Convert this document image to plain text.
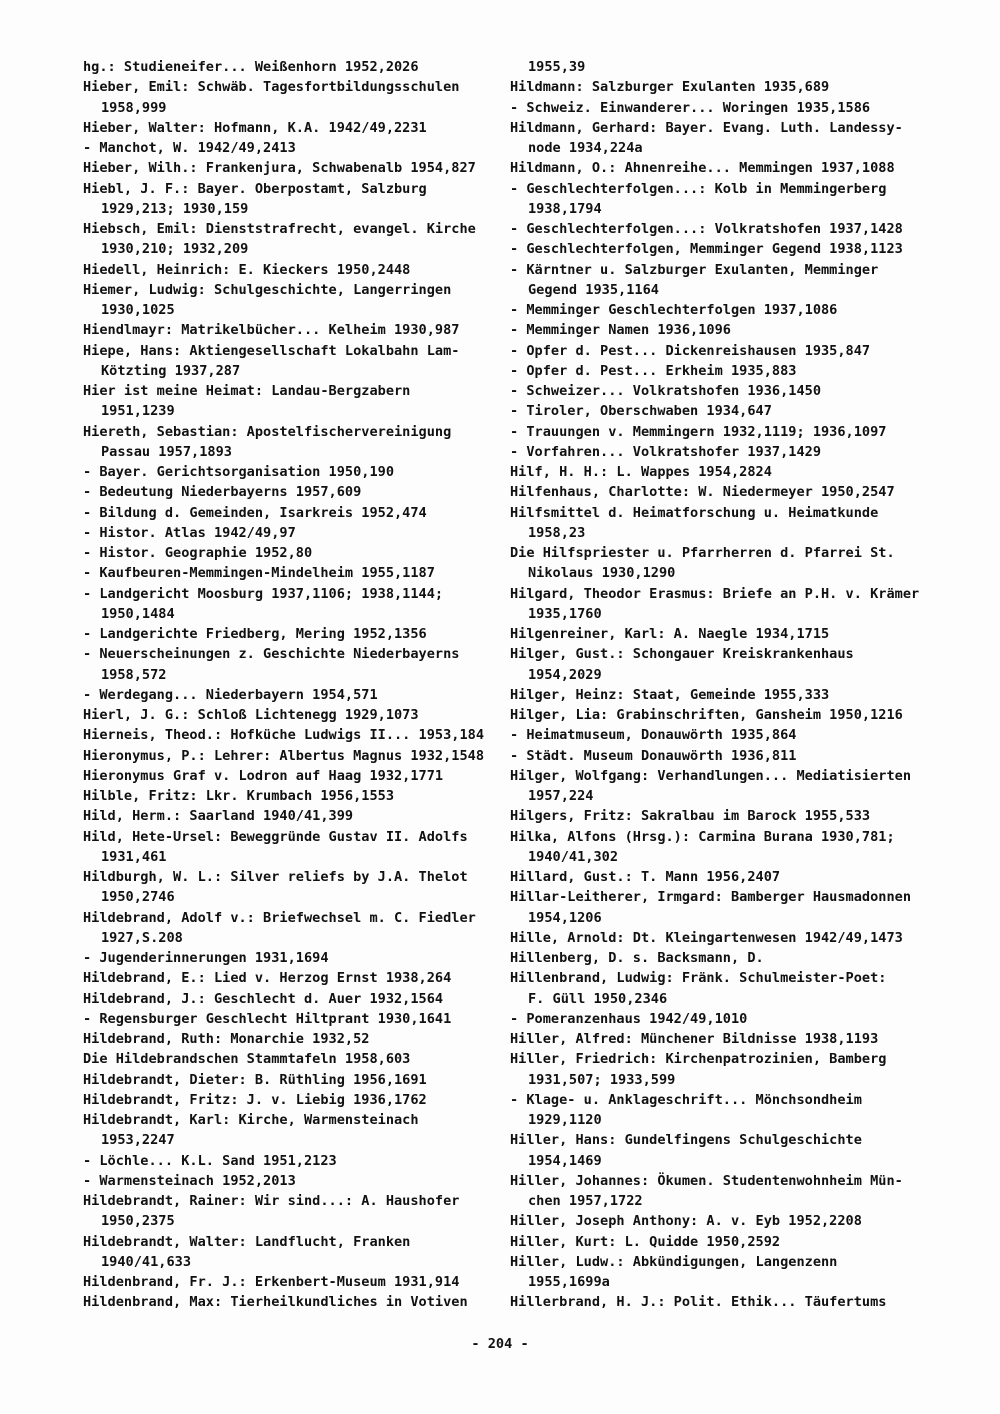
hg.: Studieneifer... Weißenhorn 1952,2026
Hieber, Emil: Schwäb. Tagesfortbildungsschulen
1958,999
Hieber, Walter: Hofmann, K.A. 1942/49,2231
- Manchot, W. 1942/49,2413
Hieber, Wilh.: Frankenjura, Schwabenalb 1954,827
Hiebl, J. F.: Bayer. Oberpostamt, Salzburg
1929,213; 1930,159
Hiebsch, Emil: Dienststrafrecht, evangel. Kirche
1930,210; 1932,209
Hiedell, Heinrich: E. Kieckers 1950,2448
Hiemer, Ludwig: Schulgeschichte, Langerringen
1930,1025
Hiendlmayr: Matrikelbücher... Kelheim 1930,987
Hiepe, Hans: Aktiengesellschaft Lokalbahn Lam-
Kötzting 1937,287
Hier ist meine Heimat: Landau-Bergzabern
1951,1239
Hiereth, Sebastian: Apostelfischervereinigung
Passau 1957,1893
- Bayer. Gerichtsorganisation 1950,190
- Bedeutung Niederbayerns 1957,609
- Bildung d. Gemeinden, Isarkreis 1952,474
- Histor. Atlas 1942/49,97
- Histor. Geographie 1952,80
- Kaufbeuren-Memmingen-Mindelheim 1955,1187
- Landgericht Moosburg 1937,1106; 1938,1144;
1950,1484
- Landgerichte Friedberg, Mering 1952,1356
- Neuerscheinungen z. Geschichte Niederbayerns
1958,572
- Werdegang... Niederbayern 1954,571
Hierl, J. G.: Schloß Lichtenegg 1929,1073
Hierneis, Theod.: Hofküche Ludwigs II... 1953,184
Hieronymus, P.: Lehrer: Albertus Magnus 1932,1548
Hieronymus Graf v. Lodron auf Haag 1932,1771
Hilble, Fritz: Lkr. Krumbach 1956,1553
Hild, Herm.: Saarland 1940/41,399
Hild, Hete-Ursel: Beweggründe Gustav II. Adolfs
1931,461
Hildburgh, W. L.: Silver reliefs by J.A. Thelot
1950,2746
Hildebrand, Adolf v.: Briefwechsel m. C. Fiedler
1927,S.208
- Jugenderinnerungen 1931,1694
Hildebrand, E.: Lied v. Herzog Ernst 1938,264
Hildebrand, J.: Geschlecht d. Auer 1932,1564
- Regensburger Geschlecht Hiltprant 1930,1641
Hildebrand, Ruth: Monarchie 1932,52
Die Hildebrandschen Stammtafeln 1958,603
Hildebrandt, Dieter: B. Rüthling 1956,1691
Hildebrandt, Fritz: J. v. Liebig 1936,1762
Hildebrandt, Karl: Kirche, Warmensteinach
1953,2247
- Löchle... K.L. Sand 1951,2123
- Warmensteinach 1952,2013
Hildebrandt, Rainer: Wir sind...: A. Haushofer
1950,2375
Hildebrandt, Walter: Landflucht, Franken
1940/41,633
Hildenbrand, Fr. J.: Erkenbert-Museum 1931,914
Hildenbrand, Max: Tierheilkundliches in Votiven
1955,39
Hildmann: Salzburger Exulanten 1935,689
- Schweiz. Einwanderer... Woringen 1935,1586
Hildmann, Gerhard: Bayer. Evang. Luth. Landessy-
node 1934,224a
Hildmann, O.: Ahnenreihe... Memmingen 1937,1088
- Geschlechterfolgen...: Kolb in Memmingerberg
1938,1794
- Geschlechterfolgen...: Volkratshofen 1937,1428
- Geschlechterfolgen, Memminger Gegend 1938,1123
- Kärntner u. Salzburger Exulanten, Memminger
Gegend 1935,1164
- Memminger Geschlechterfolgen 1937,1086
- Memminger Namen 1936,1096
- Opfer d. Pest... Dickenreishausen 1935,847
- Opfer d. Pest... Erkheim 1935,883
- Schweizer... Volkratshofen 1936,1450
- Tiroler, Oberschwaben 1934,647
- Trauungen v. Memmingern 1932,1119; 1936,1097
- Vorfahren... Volkratshofer 1937,1429
Hilf, H. H.: L. Wappes 1954,2824
Hilfenhaus, Charlotte: W. Niedermeyer 1950,2547
Hilfsmittel d. Heimatforschung u. Heimatkunde
1958,23
Die Hilfspriester u. Pfarrherren d. Pfarrei St.
Nikolaus 1930,1290
Hilgard, Theodor Erasmus: Briefe an P.H. v. Krämer
1935,1760
Hilgenreiner, Karl: A. Naegle 1934,1715
Hilger, Gust.: Schongauer Kreiskrankenhaus
1954,2029
Hilger, Heinz: Staat, Gemeinde 1955,333
Hilger, Lia: Grabinschriften, Gansheim 1950,1216
- Heimatmuseum, Donauwörth 1935,864
- Städt. Museum Donauwörth 1936,811
Hilger, Wolfgang: Verhandlungen... Mediatisierten
1957,224
Hilgers, Fritz: Sakralbau im Barock 1955,533
Hilka, Alfons (Hrsg.): Carmina Burana 1930,781;
1940/41,302
Hillard, Gust.: T. Mann 1956,2407
Hillar-Leitherer, Irmgard: Bamberger Hausmadonnen
1954,1206
Hille, Arnold: Dt. Kleingartenwesen 1942/49,1473
Hillenberg, D. s. Backsmann, D.
Hillenbrand, Ludwig: Fränk. Schulmeister-Poet:
F. Güll 1950,2346
- Pomeranzenhaus 1942/49,1010
Hiller, Alfred: Münchener Bildnisse 1938,1193
Hiller, Friedrich: Kirchenpatrozinien, Bamberg
1931,507; 1933,599
- Klage- u. Anklageschrift... Mönchsondheim
1929,1120
Hiller, Hans: Gundelfingens Schulgeschichte
1954,1469
Hiller, Johannes: Ökumen. Studentenwohnheim Mün-
chen 1957,1722
Hiller, Joseph Anthony: A. v. Eyb 1952,2208
Hiller, Kurt: L. Quidde 1950,2592
Hiller, Ludw.: Abkündigungen, Langenzenn
1955,1699a
Hillerbrand, H. J.: Polit. Ethik... Täufertums
- 204 -
